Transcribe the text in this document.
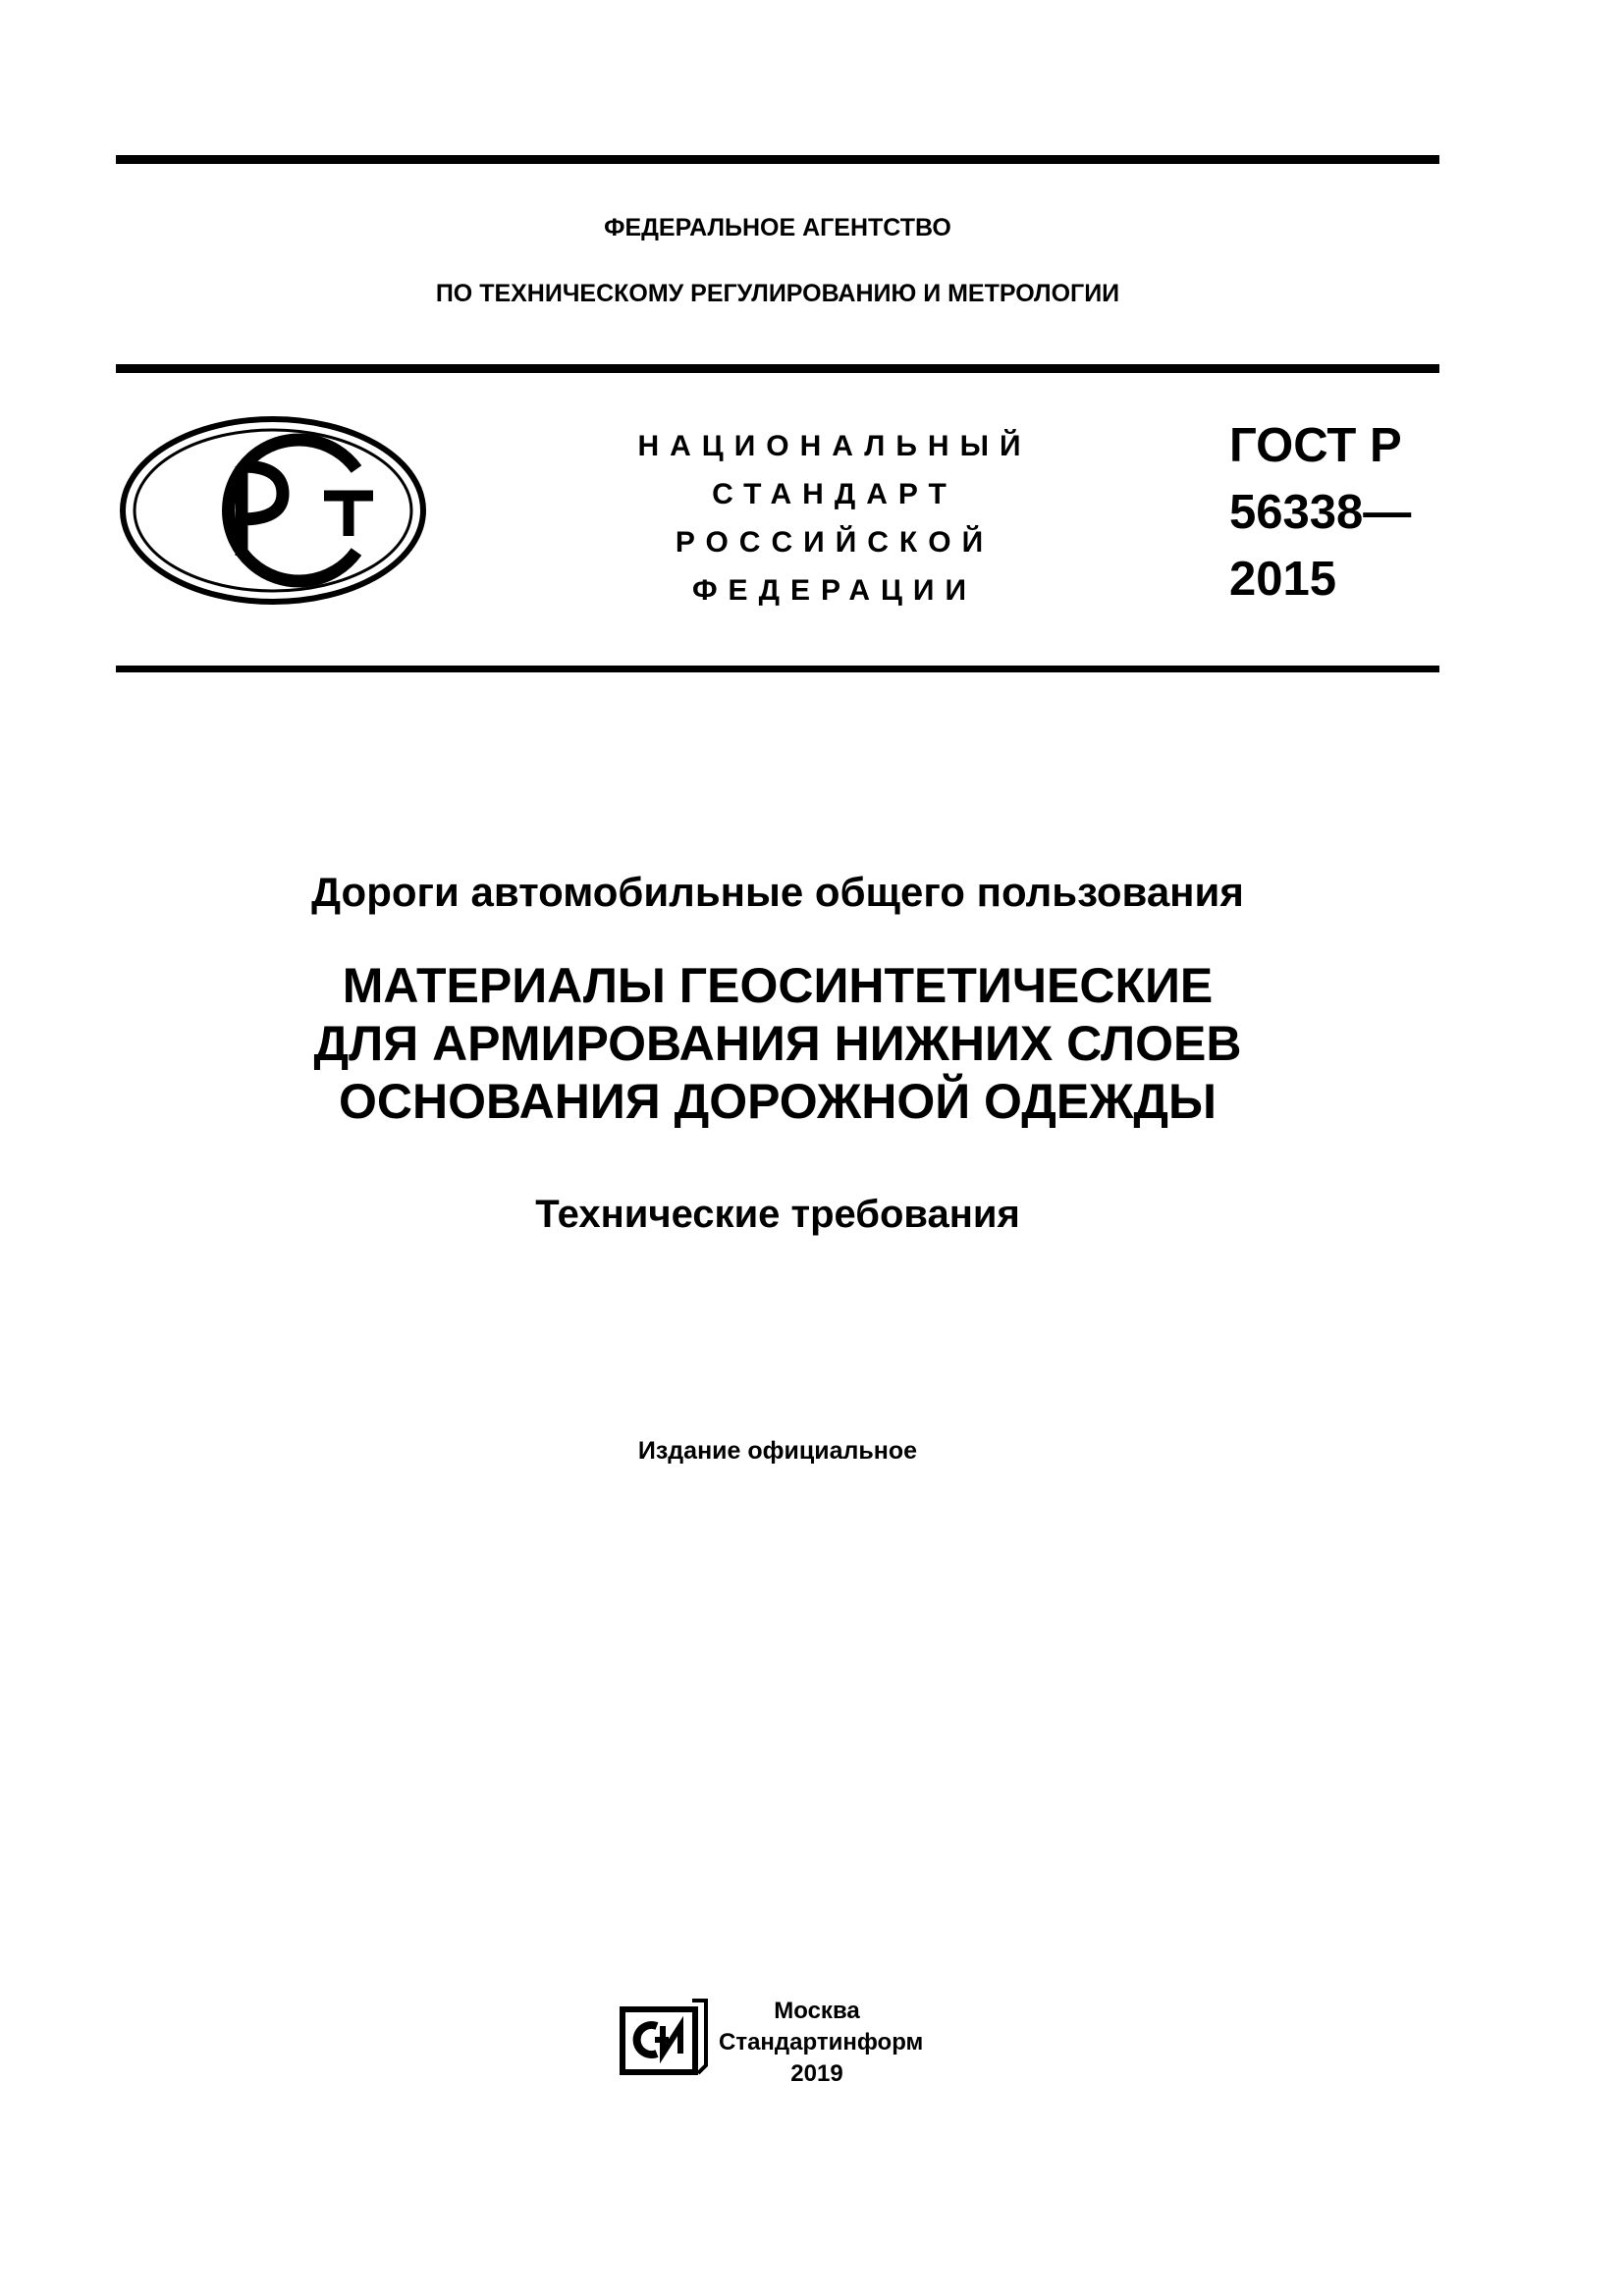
ФЕДЕРАЛЬНОЕ АГЕНТСТВО
ПО ТЕХНИЧЕСКОМУ РЕГУЛИРОВАНИЮ И МЕТРОЛОГИИ
НАЦИОНАЛЬНЫЙ
СТАНДАРТ
РОССИЙСКОЙ
ФЕДЕРАЦИИ
ГОСТ Р
56338—
2015
Дороги автомобильные общего пользования
МАТЕРИАЛЫ ГЕОСИНТЕТИЧЕСКИЕ
ДЛЯ АРМИРОВАНИЯ НИЖНИХ СЛОЕВ
ОСНОВАНИЯ ДОРОЖНОЙ ОДЕЖДЫ
Технические требования
Издание официальное
Москва
Стандартинформ
2019
